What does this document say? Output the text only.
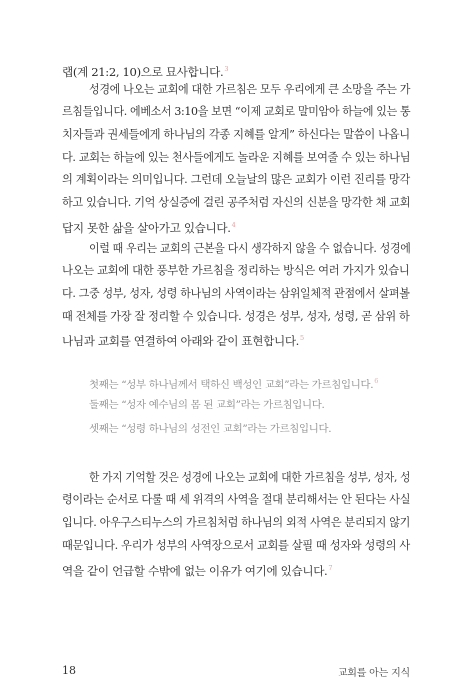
랩(계 21:2, 10)으로 묘사합니다.$^3$
성경에 나오는 교회에 대한 가르침은 모두 우리에게 큰 소망을 주는 가
르침들입니다. 에베소서 3:10을 보면 “이제 교회로 말미암아 하늘에 있는 통
치자들과 권세들에게 하나님의 각종 지혜를 알게” 하신다는 말씀이 나옵니
다. 교회는 하늘에 있는 천사들에게도 놀라운 지혜를 보여줄 수 있는 하나님
의 계획이라는 의미입니다. 그런데 오늘날의 많은 교회가 이런 진리를 망각
하고 있습니다. 기억 상실증에 걸린 공주처럼 자신의 신분을 망각한 채 교회
답지 못한 삶을 살아가고 있습니다.$^4$
이럴 때 우리는 교회의 근본을 다시 생각하지 않을 수 없습니다. 성경에
나오는 교회에 대한 풍부한 가르침을 정리하는 방식은 여러 가지가 있습니
다. 그중 성부, 성자, 성령 하나님의 사역이라는 삼위일체적 관점에서 살펴볼
때 전체를 가장 잘 정리할 수 있습니다. 성경은 성부, 성자, 성령, 곧 삼위 하
나님과 교회를 연결하여 아래와 같이 표현합니다.$^5$
첫째는 “성부 하나님께서 택하신 백성인 교회”라는 가르침입니다.$^6$
둘째는 “성자 예수님의 몸 된 교회”라는 가르침입니다.
셋째는 “성령 하나님의 성전인 교회”라는 가르침입니다.
한 가지 기억할 것은 성경에 나오는 교회에 대한 가르침을 성부, 성자, 성
령이라는 순서로 다룰 때 세 위격의 사역을 절대 분리해서는 안 된다는 사실
입니다. 아우구스티누스의 가르침처럼 하나님의 외적 사역은 분리되지 않기
때문입니다. 우리가 성부의 사역장으로서 교회를 살필 때 성자와 성령의 사
역을 같이 언급할 수밖에 없는 이유가 여기에 있습니다.$^7$
18	교회를 아는 지식
